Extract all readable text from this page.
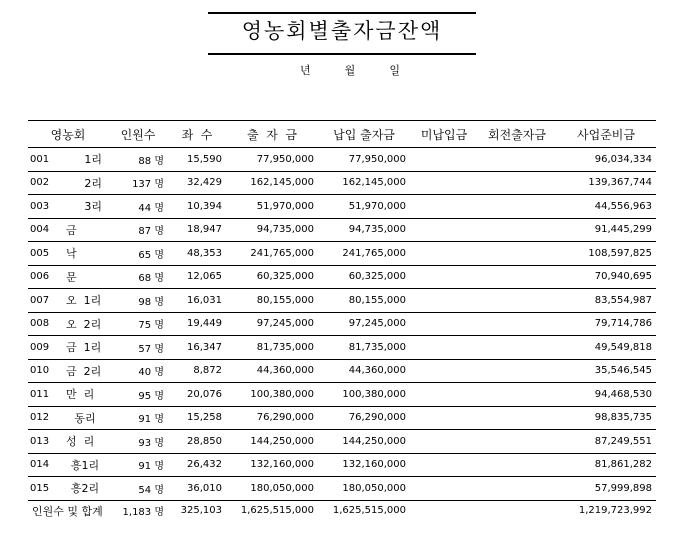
영농회별출자금잔액
년	월	일
영농회		인원수	좌  수	출  자  금	납입 출자금	미납입금	회전출자금	사업준비금
001	1리	88 명	15,590	77,950,000	77,950,000			96,034,334
002	2리	137 명	32,429	162,145,000	162,145,000			139,367,744
003	3리	44 명	10,394	51,970,000	51,970,000			44,556,963
004	금	87 명	18,947	94,735,000	94,735,000			91,445,299
005	낙	65 명	48,353	241,765,000	241,765,000			108,597,825
006	문	68 명	12,065	60,325,000	60,325,000			70,940,695
007	오  1리	98 명	16,031	80,155,000	80,155,000			83,554,987
008	오  2리	75 명	19,449	97,245,000	97,245,000			79,714,786
009	금  1리	57 명	16,347	81,735,000	81,735,000			49,549,818
010	금  2리	40 명	8,872	44,360,000	44,360,000			35,546,545
011	만  리	95 명	20,076	100,380,000	100,380,000			94,468,530
012	동리	91 명	15,258	76,290,000	76,290,000			98,835,735
013	성  리	93 명	28,850	144,250,000	144,250,000			87,249,551
014	흥1리	91 명	26,432	132,160,000	132,160,000			81,861,282
015	흥2리	54 명	36,010	180,050,000	180,050,000			57,999,898
인원수 및 합계		1,183 명	325,103	1,625,515,000	1,625,515,000			1,219,723,992
